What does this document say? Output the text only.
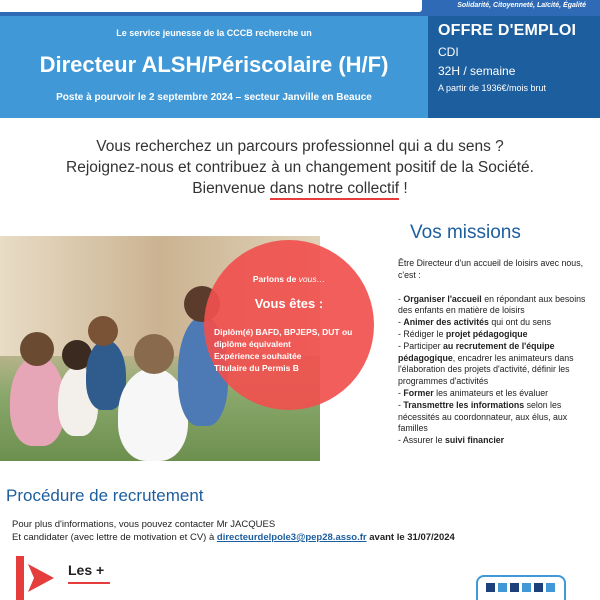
Solidarité, Citoyenneté, Laïcité, Égalité
Le service jeunesse de la CCCB recherche un
Directeur ALSH/Périscolaire (H/F)
Poste à pourvoir le 2 septembre 2024 – secteur Janville en Beauce
OFFRE D'EMPLOI
CDI
32H / semaine
A partir de 1936€/mois brut
Vous recherchez un parcours professionnel qui a du sens ?
Rejoignez-nous et contribuez à un changement positif de la Société.
Bienvenue dans notre collectif !
Parlons de vous…
Vous êtes :
Diplôm(é) BAFD, BPJEPS, DUT ou diplôme équivalent
Expérience souhaitée
Titulaire du Permis B
Vos missions
Être Directeur d'un accueil de loisirs avec nous, c'est :
- Organiser l'accueil en répondant aux besoins des enfants en matière de loisirs
- Animer des activités qui ont du sens
- Rédiger le projet pédagogique
- Participer au recrutement de l'équipe pédagogique, encadrer les animateurs dans l'élaboration des projets d'activité, définir les programmes d'activités
- Former les animateurs et les évaluer
- Transmettre les informations selon les nécessités au coordonnateur, aux élus, aux familles
- Assurer le suivi financier
Procédure de recrutement
Pour plus d'informations, vous pouvez contacter Mr JACQUES
Et candidater (avec lettre de motivation et CV) à directeurdelpole3@pep28.asso.fr avant le 31/07/2024
Les +
